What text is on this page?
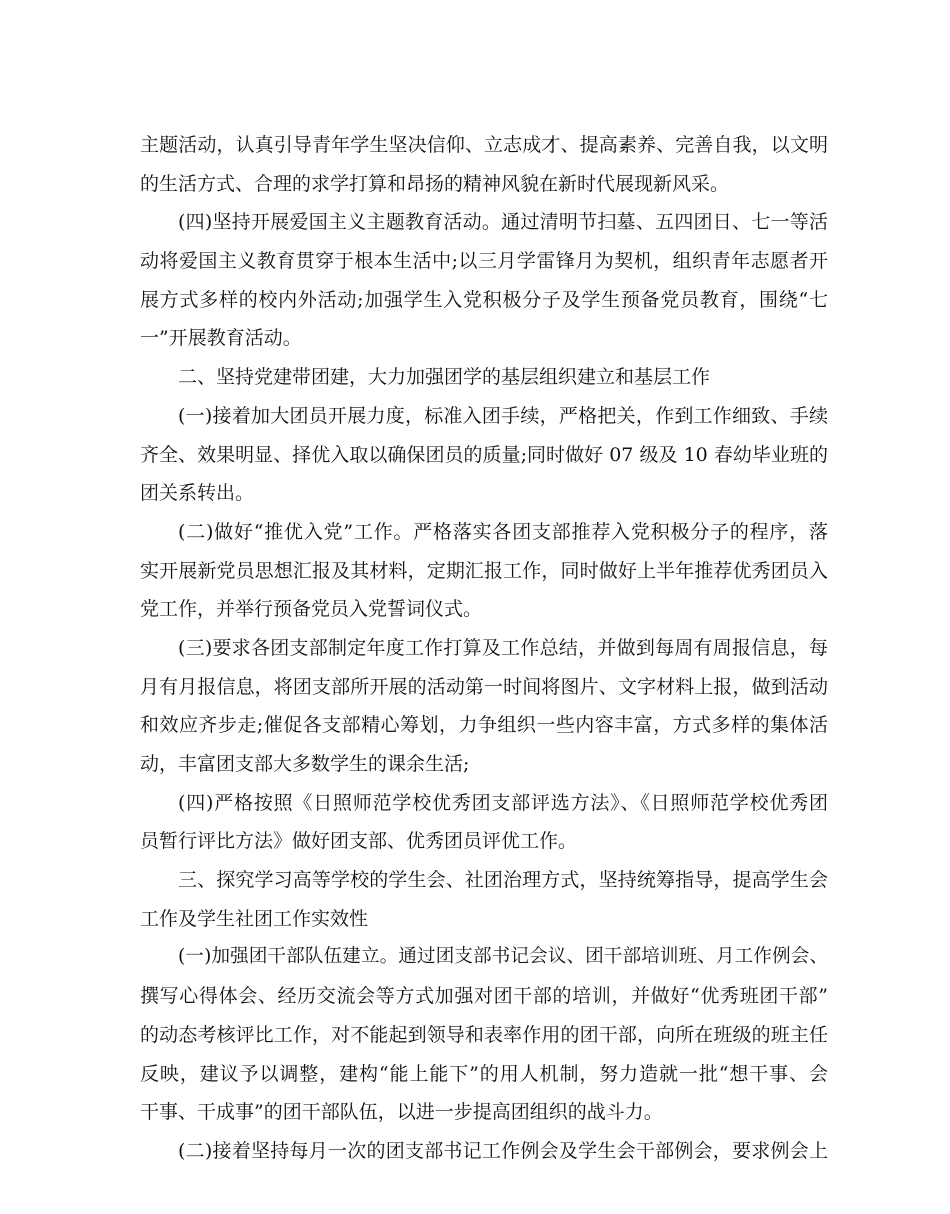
主题活动，认真引导青年学生坚决信仰、立志成才、提高素养、完善自我，以文明
的生活方式、合理的求学打算和昂扬的精神风貌在新时代展现新风采。
(四)坚持开展爱国主义主题教育活动。通过清明节扫墓、五四团日、七一等活
动将爱国主义教育贯穿于根本生活中;以三月学雷锋月为契机，组织青年志愿者开
展方式多样的校内外活动;加强学生入党积极分子及学生预备党员教育，围绕“七
一”开展教育活动。
二、坚持党建带团建，大力加强团学的基层组织建立和基层工作
(一)接着加大团员开展力度，标准入团手续，严格把关，作到工作细致、手续
齐全、效果明显、择优入取以确保团员的质量;同时做好 07 级及 10 春幼毕业班的
团关系转出。
(二)做好“推优入党”工作。严格落实各团支部推荐入党积极分子的程序，落
实开展新党员思想汇报及其材料，定期汇报工作，同时做好上半年推荐优秀团员入
党工作，并举行预备党员入党誓词仪式。
(三)要求各团支部制定年度工作打算及工作总结，并做到每周有周报信息，每
月有月报信息，将团支部所开展的活动第一时间将图片、文字材料上报，做到活动
和效应齐步走;催促各支部精心筹划，力争组织一些内容丰富，方式多样的集体活
动，丰富团支部大多数学生的课余生活;
(四)严格按照《日照师范学校优秀团支部评选方法》、《日照师范学校优秀团
员暂行评比方法》做好团支部、优秀团员评优工作。
三、探究学习高等学校的学生会、社团治理方式，坚持统筹指导，提高学生会
工作及学生社团工作实效性
(一)加强团干部队伍建立。通过团支部书记会议、团干部培训班、月工作例会、
撰写心得体会、经历交流会等方式加强对团干部的培训，并做好“优秀班团干部”
的动态考核评比工作，对不能起到领导和表率作用的团干部，向所在班级的班主任
反映，建议予以调整，建构“能上能下”的用人机制，努力造就一批“想干事、会
干事、干成事”的团干部队伍，以进一步提高团组织的战斗力。
(二)接着坚持每月一次的团支部书记工作例会及学生会干部例会，要求例会上
